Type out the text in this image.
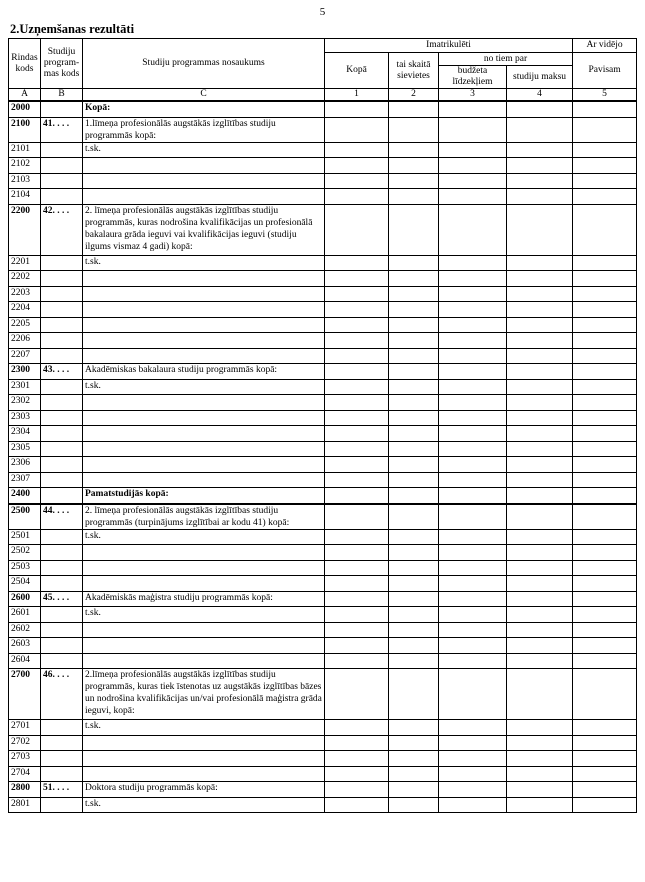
5
2.Uzņemšanas rezultāti
Rindas kods	Studiju program-mas kods	Studiju programmas nosaukums	Imatrikulēti				Ar vidējo
			Kopā	tai skaitā sievietes	no tiem par		Pavisam
					budžeta līdzekļiem	studiju maksu	
A	B	C	1	2	3	4	5
2000		Kopā:					
2100	41. . . .	1.līmeņa profesionālās augstākās izglītības studiju programmās kopā:					
2101		t.sk.					
2102							
2103							
2104							
2200	42. . . .	2. līmeņa profesionālās augstākās izglītības studiju programmās, kuras nodrošina kvalifikācijas un profesionālā bakalaura grāda ieguvi vai kvalifikācijas ieguvi (studiju ilgums vismaz 4 gadi) kopā:					
2201		t.sk.					
2202							
2203							
2204							
2205							
2206							
2207							
2300	43. . . .	Akadēmiskas bakalaura studiju programmās kopā:					
2301		t.sk.					
2302							
2303							
2304							
2305							
2306							
2307							
2400		Pamatstudijās kopā:					
2500	44. . . .	2. līmeņa profesionālās augstākās izglītības studiju programmās (turpinājums izglītībai ar kodu 41) kopā:					
2501		t.sk.					
2502							
2503							
2504							
2600	45. . . .	Akadēmiskās maģistra studiju programmās kopā:					
2601		t.sk.					
2602							
2603							
2604							
2700	46. . . .	2.līmeņa profesionālās augstākās izglītības studiju programmās, kuras tiek īstenotas uz augstākās izglītības bāzes un nodrošina kvalifikācijas un/vai profesionālā maģistra grāda ieguvi, kopā:					
2701		t.sk.					
2702							
2703							
2704							
2800	51. . . .	Doktora studiju programmās kopā:					
2801		t.sk.					
